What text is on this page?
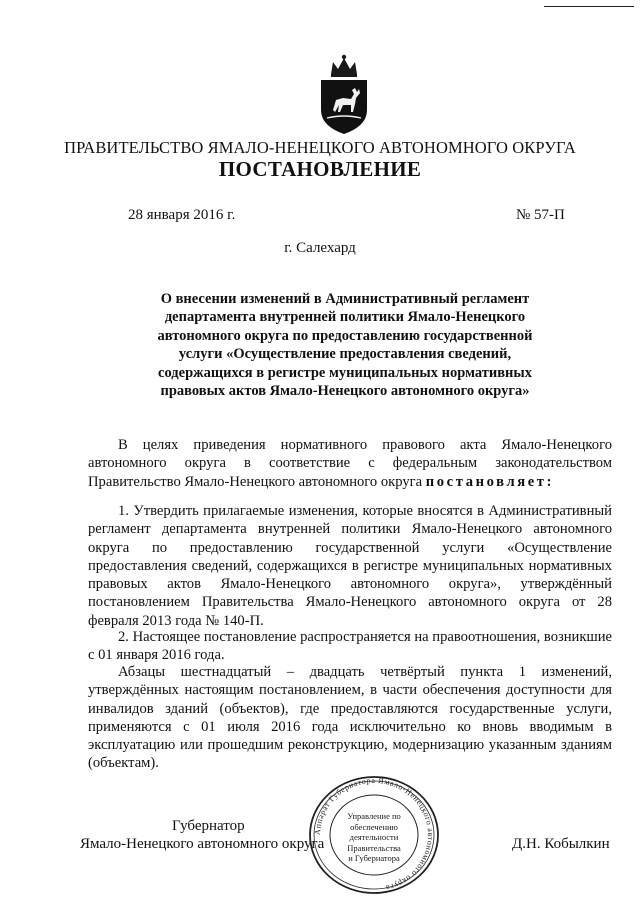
ПРАВИТЕЛЬСТВО ЯМАЛО-НЕНЕЦКОГО АВТОНОМНОГО ОКРУГА
ПОСТАНОВЛЕНИЕ
28 января 2016 г.	№ 57-П
г. Салехард
О внесении изменений в Административный регламент департамента внутренней политики Ямало-Ненецкого автономного округа по предоставлению государственной услуги «Осуществление предоставления сведений, содержащихся в регистре муниципальных нормативных правовых актов Ямало-Ненецкого автономного округа»

В целях приведения нормативного правового акта Ямало-Ненецкого автономного округа в соответствие с федеральным законодательством Правительство Ямало-Ненецкого автономного округа постановляет:

1. Утвердить прилагаемые изменения, которые вносятся в Административный регламент департамента внутренней политики Ямало-Ненецкого автономного округа по предоставлению государственной услуги «Осуществление предоставления сведений, содержащихся в регистре муниципальных нормативных правовых актов Ямало-Ненецкого автономного округа», утверждённый постановлением Правительства Ямало-Ненецкого автономного округа от 28 февраля 2013 года № 140-П.

2. Настоящее постановление распространяется на правоотношения, возникшие с 01 января 2016 года.

Абзацы шестнадцатый – двадцать четвёртый пункта 1 изменений, утверждённых настоящим постановлением, в части обеспечения доступности для инвалидов зданий (объектов), где предоставляются государственные услуги, применяются с 01 июля 2016 года исключительно ко вновь вводимым в эксплуатацию или прошедшим реконструкцию, модернизацию указанным зданиям (объектам).

Губернатор
Ямало-Ненецкого автономного округа	Д.Н. Кобылкин
Аппарат Губернатора Ямало-Ненецкого автономного округа
Управление по
обеспечению
деятельности
Правительства
и Губернатора
